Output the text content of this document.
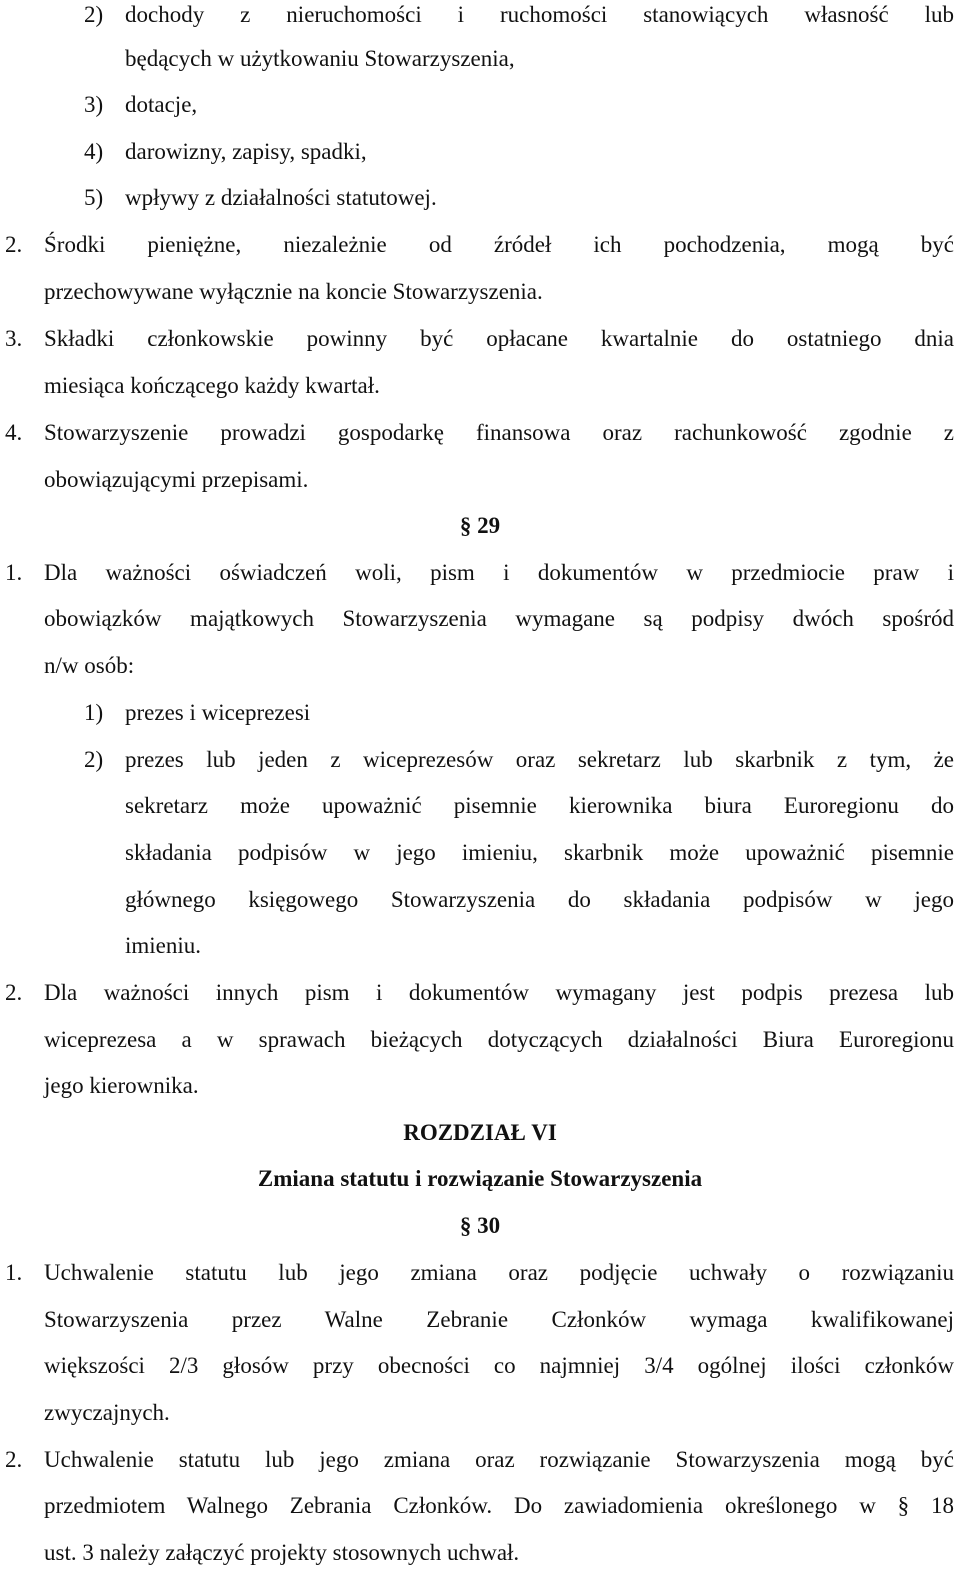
2) dochody z nieruchomości i ruchomości stanowiących własność lub
będących w użytkowaniu Stowarzyszenia,
3) dotacje,
4) darowizny, zapisy, spadki,
5) wpływy z działalności statutowej.
2. Środki pieniężne, niezależnie od źródeł ich pochodzenia, mogą być
przechowywane wyłącznie na koncie Stowarzyszenia.
3. Składki członkowskie powinny być opłacane kwartalnie do ostatniego dnia
miesiąca kończącego każdy kwartał.
4. Stowarzyszenie prowadzi gospodarkę finansowa oraz rachunkowość zgodnie z
obowiązującymi przepisami.
§ 29
1. Dla ważności oświadczeń woli, pism i dokumentów w przedmiocie praw i
obowiązków majątkowych Stowarzyszenia wymagane są podpisy dwóch spośród
n/w osób:
1) prezes i wiceprezesi
2) prezes lub jeden z wiceprezesów oraz sekretarz lub skarbnik z tym, że
sekretarz może upoważnić pisemnie kierownika biura Euroregionu do
składania podpisów w jego imieniu, skarbnik może upoważnić pisemnie
głównego księgowego Stowarzyszenia do składania podpisów w jego
imieniu.
2. Dla ważności innych pism i dokumentów wymagany jest podpis prezesa lub
wiceprezesa a w sprawach bieżących dotyczących działalności Biura Euroregionu
jego kierownika.
ROZDZIAŁ VI
Zmiana statutu i rozwiązanie Stowarzyszenia
§ 30
1. Uchwalenie statutu lub jego zmiana oraz podjęcie uchwały o rozwiązaniu
Stowarzyszenia przez Walne Zebranie Członków wymaga kwalifikowanej
większości 2/3 głosów przy obecności co najmniej 3/4 ogólnej ilości członków
zwyczajnych.
2. Uchwalenie statutu lub jego zmiana oraz rozwiązanie Stowarzyszenia mogą być
przedmiotem Walnego Zebrania Członków. Do zawiadomienia określonego w § 18
ust. 3 należy załączyć projekty stosownych uchwał.
